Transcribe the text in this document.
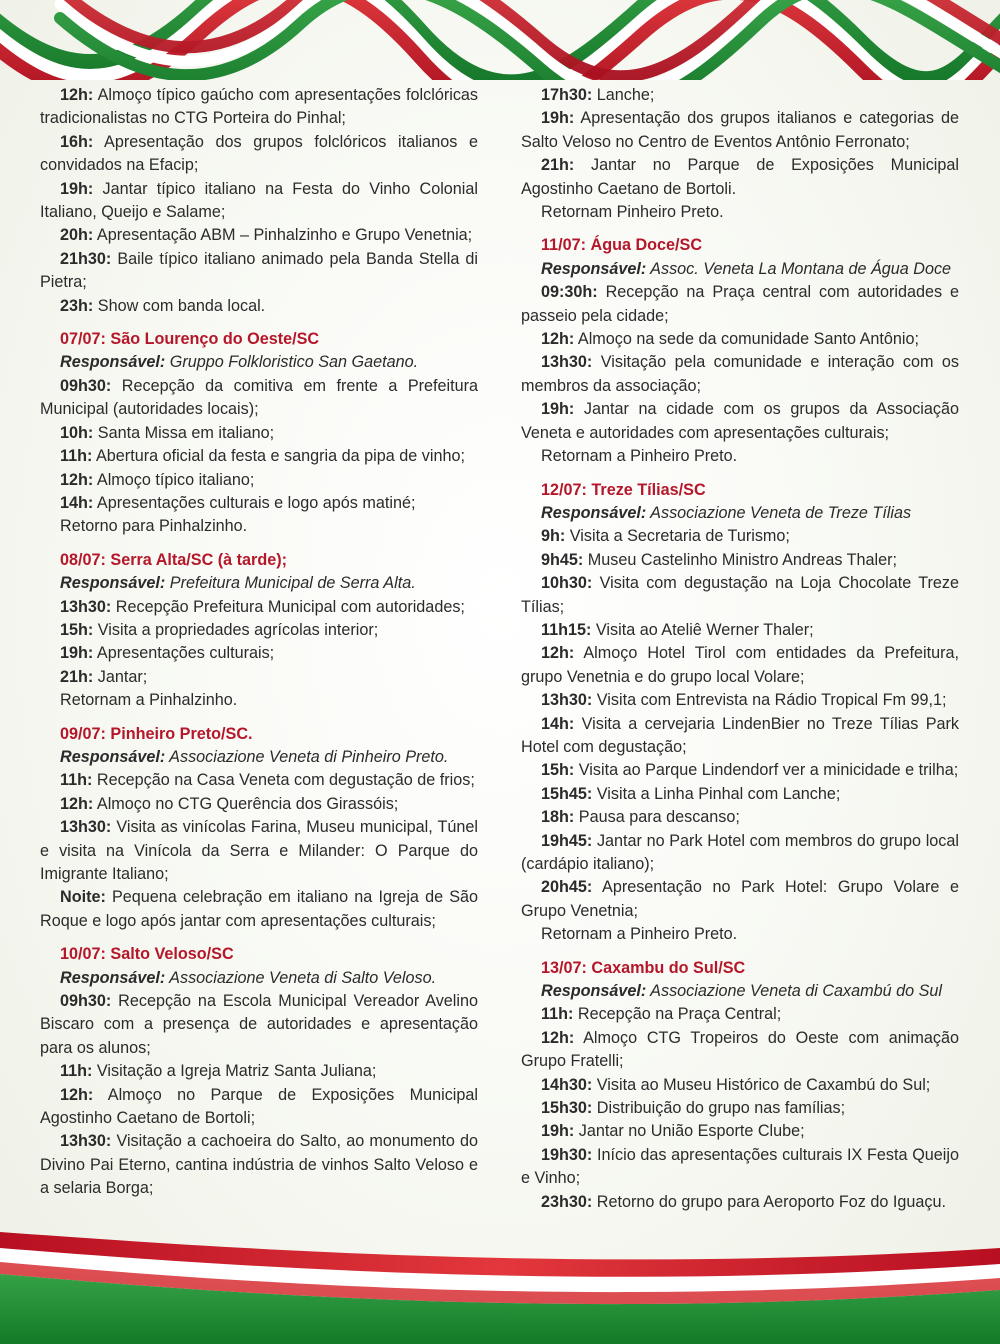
12h: Almoço típico gaúcho com apresentações folclóricas tradicionalistas no CTG Porteira do Pinhal;
16h: Apresentação dos grupos folclóricos italianos e convidados na Efacip;
19h: Jantar típico italiano na Festa do Vinho Colonial Italiano, Queijo e Salame;
20h: Apresentação ABM – Pinhalzinho e Grupo Venetnia;
21h30: Baile típico italiano animado pela Banda Stella di Pietra;
23h: Show com banda local.
07/07: São Lourenço do Oeste/SC
Responsável: Gruppo Folkloristico San Gaetano.
09h30: Recepção da comitiva em frente a Prefeitura Municipal (autoridades locais);
10h: Santa Missa em italiano;
11h: Abertura oficial da festa e sangria da pipa de vinho;
12h: Almoço típico italiano;
14h: Apresentações culturais e logo após matiné;
Retorno para Pinhalzinho.
08/07: Serra Alta/SC (à tarde);
Responsável: Prefeitura Municipal de Serra Alta.
13h30: Recepção Prefeitura Municipal com autoridades;
15h: Visita a propriedades agrícolas interior;
19h: Apresentações culturais;
21h: Jantar;
Retornam a Pinhalzinho.
09/07: Pinheiro Preto/SC.
Responsável: Associazione Veneta di Pinheiro Preto.
11h: Recepção na Casa Veneta com degustação de frios;
12h: Almoço no CTG Querência dos Girassóis;
13h30: Visita as vinícolas Farina, Museu municipal, Túnel e visita na Vinícola da Serra e Milander: O Parque do Imigrante Italiano;
Noite: Pequena celebração em italiano na Igreja de São Roque e logo após jantar com apresentações culturais;
10/07: Salto Veloso/SC
Responsável: Associazione Veneta di Salto Veloso.
09h30: Recepção na Escola Municipal Vereador Avelino Biscaro com a presença de autoridades e apresentação para os alunos;
11h: Visitação a Igreja Matriz Santa Juliana;
12h: Almoço no Parque de Exposições Municipal Agostinho Caetano de Bortoli;
13h30: Visitação a cachoeira do Salto, ao monumento do Divino Pai Eterno, cantina indústria de vinhos Salto Veloso e a selaria Borga;
17h30: Lanche;
19h: Apresentação dos grupos italianos e categorias de Salto Veloso no Centro de Eventos Antônio Ferronato;
21h: Jantar no Parque de Exposições Municipal Agostinho Caetano de Bortoli.
Retornam Pinheiro Preto.
11/07: Água Doce/SC
Responsável: Assoc. Veneta La Montana de Água Doce
09:30h: Recepção na Praça central com autoridades e passeio pela cidade;
12h: Almoço na sede da comunidade Santo Antônio;
13h30: Visitação pela comunidade e interação com os membros da associação;
19h: Jantar na cidade com os grupos da Associação Veneta e autoridades com apresentações culturais;
Retornam a Pinheiro Preto.
12/07: Treze Tílias/SC
Responsável: Associazione Veneta de Treze Tílias
9h: Visita a Secretaria de Turismo;
9h45: Museu Castelinho Ministro Andreas Thaler;
10h30: Visita com degustação na Loja Chocolate Treze Tílias;
11h15: Visita ao Ateliê Werner Thaler;
12h: Almoço Hotel Tirol com entidades da Prefeitura, grupo Venetnia e do grupo local Volare;
13h30: Visita com Entrevista na Rádio Tropical Fm 99,1;
14h: Visita a cervejaria LindenBier no Treze Tílias Park Hotel com degustação;
15h: Visita ao Parque Lindendorf ver a minicidade e trilha;
15h45: Visita a Linha Pinhal com Lanche;
18h: Pausa para descanso;
19h45: Jantar no Park Hotel com membros do grupo local (cardápio italiano);
20h45: Apresentação no Park Hotel: Grupo Volare e Grupo Venetnia;
Retornam a Pinheiro Preto.
13/07: Caxambu do Sul/SC
Responsável: Associazione Veneta di Caxambú do Sul
11h: Recepção na Praça Central;
12h: Almoço CTG Tropeiros do Oeste com animação Grupo Fratelli;
14h30: Visita ao Museu Histórico de Caxambú do Sul;
15h30: Distribuição do grupo nas famílias;
19h: Jantar no União Esporte Clube;
19h30: Início das apresentações culturais IX Festa Queijo e Vinho;
23h30: Retorno do grupo para Aeroporto Foz do Iguaçu.
